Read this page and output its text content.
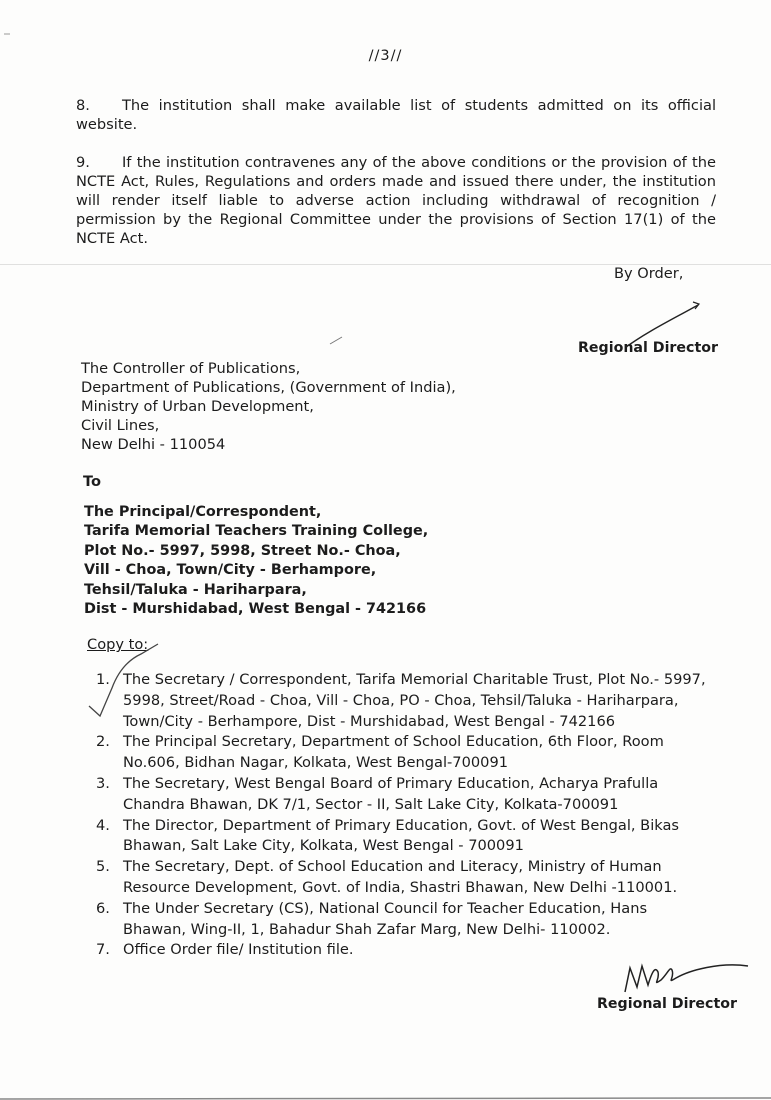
//3//
8. The institution shall make available list of students admitted on its official website.
9. If the institution contravenes any of the above conditions or the provision of the NCTE Act, Rules, Regulations and orders made and issued there under, the institution will render itself liable to adverse action including withdrawal of recognition / permission by the Regional Committee under the provisions of Section 17(1) of the NCTE Act.
By Order,
Regional Director
The Controller of Publications,
Department of Publications, (Government of India),
Ministry of Urban Development,
Civil Lines,
New Delhi - 110054
To
The Principal/Correspondent,
Tarifa Memorial Teachers Training College,
Plot No.- 5997, 5998, Street No.- Choa,
Vill - Choa, Town/City - Berhampore,
Tehsil/Taluka - Hariharpara,
Dist - Murshidabad, West Bengal - 742166
Copy to:
1. The Secretary / Correspondent, Tarifa Memorial Charitable Trust, Plot No.- 5997,
5998, Street/Road - Choa, Vill - Choa, PO - Choa, Tehsil/Taluka - Hariharpara,
Town/City - Berhampore, Dist - Murshidabad, West Bengal - 742166
2. The Principal Secretary, Department of School Education, 6th Floor, Room
No.606, Bidhan Nagar, Kolkata, West Bengal-700091
3. The Secretary, West Bengal Board of Primary Education, Acharya Prafulla
Chandra Bhawan, DK 7/1, Sector - II, Salt Lake City, Kolkata-700091
4. The Director, Department of Primary Education, Govt. of West Bengal, Bikas
Bhawan, Salt Lake City, Kolkata, West Bengal - 700091
5. The Secretary, Dept. of School Education and Literacy, Ministry of Human
Resource Development, Govt. of India, Shastri Bhawan, New Delhi -110001.
6. The Under Secretary (CS), National Council for Teacher Education, Hans
Bhawan, Wing-II, 1, Bahadur Shah Zafar Marg, New Delhi- 110002.
7. Office Order file/ Institution file.
Regional Director
